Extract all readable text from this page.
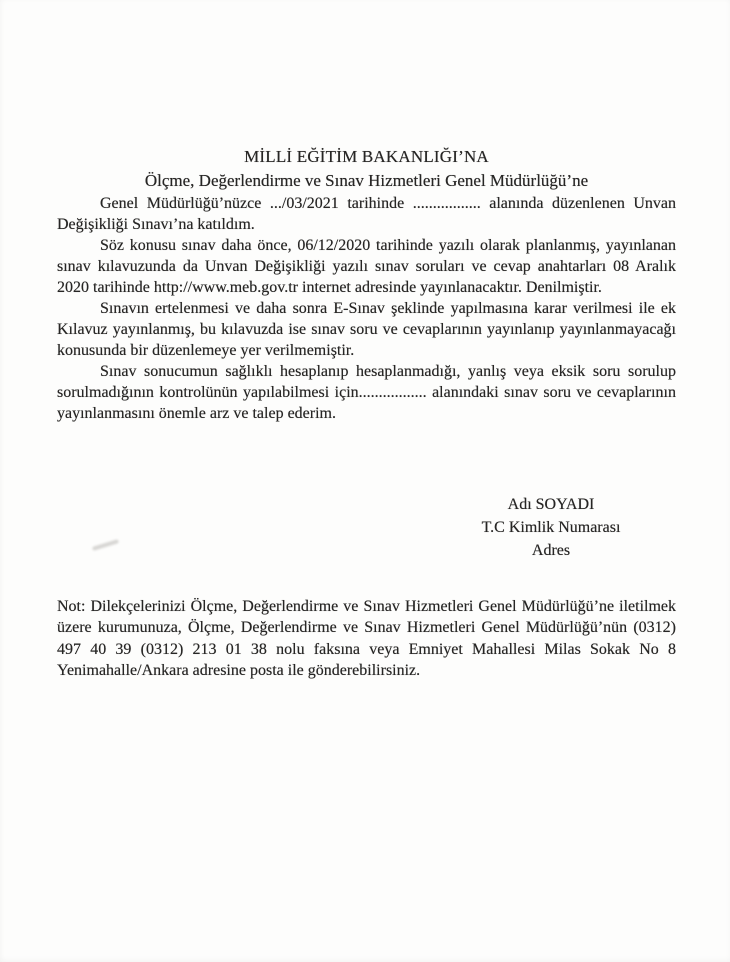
MİLLİ EĞİTİM BAKANLIĞI’NA
Ölçme, Değerlendirme ve Sınav Hizmetleri Genel Müdürlüğü’ne

Genel Müdürlüğü’nüzce .../03/2021 tarihinde ................. alanında düzenlenen Unvan Değişikliği Sınavı’na katıldım.

Söz konusu sınav daha önce, 06/12/2020 tarihinde yazılı olarak planlanmış, yayınlanan sınav kılavuzunda da Unvan Değişikliği yazılı sınav soruları ve cevap anahtarları 08 Aralık 2020 tarihinde http://www.meb.gov.tr internet adresinde yayınlanacaktır. Denilmiştir.

Sınavın ertelenmesi ve daha sonra E-Sınav şeklinde yapılmasına karar verilmesi ile ek Kılavuz yayınlanmış, bu kılavuzda ise sınav soru ve cevaplarının yayınlanıp yayınlanmayacağı konusunda bir düzenlemeye yer verilmemiştir.

Sınav sonucumun sağlıklı hesaplanıp hesaplanmadığı, yanlış veya eksik soru sorulup sorulmadığının kontrolünün yapılabilmesi için................. alanındaki sınav soru ve cevaplarının yayınlanmasını önemle arz ve talep ederim.

Adı SOYADI
T.C Kimlik Numarası
Adres

Not: Dilekçelerinizi Ölçme, Değerlendirme ve Sınav Hizmetleri Genel Müdürlüğü’ne iletilmek üzere kurumunuza, Ölçme, Değerlendirme ve Sınav Hizmetleri Genel Müdürlüğü’nün (0312) 497 40 39 (0312) 213 01 38 nolu faksına veya Emniyet Mahallesi Milas Sokak No 8 Yenimahalle/Ankara adresine posta ile gönderebilirsiniz.
